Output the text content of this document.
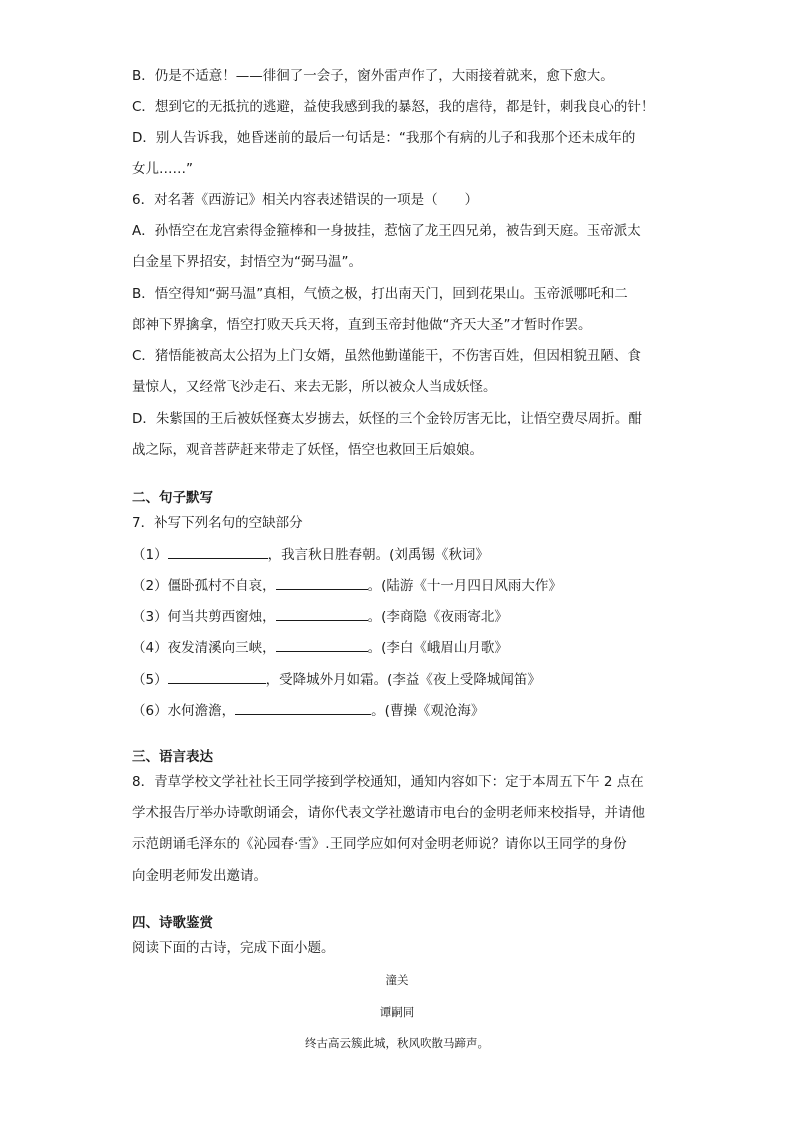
B．仍是不适意！——徘徊了一会子，窗外雷声作了，大雨接着就来，愈下愈大。
C．想到它的无抵抗的逃避，益使我感到我的暴怒，我的虐待，都是针，刺我良心的针！
D．别人告诉我，她昏迷前的最后一句话是：“我那个有病的儿子和我那个还未成年的
女儿……”
6．对名著《西游记》相关内容表述错误的一项是（　　）
A．孙悟空在龙宫索得金箍棒和一身披挂，惹恼了龙王四兄弟，被告到天庭。玉帝派太
白金星下界招安，封悟空为“弼马温”。
B．悟空得知“弼马温”真相，气愤之极，打出南天门，回到花果山。玉帝派哪吒和二
郎神下界擒拿，悟空打败天兵天将，直到玉帝封他做“齐天大圣”才暂时作罢。
C．猪悟能被高太公招为上门女婿，虽然他勤谨能干，不伤害百姓，但因相貌丑陋、食
量惊人，又经常飞沙走石、来去无影，所以被众人当成妖怪。
D．朱紫国的王后被妖怪赛太岁掳去，妖怪的三个金铃厉害无比，让悟空费尽周折。酣
战之际，观音菩萨赶来带走了妖怪，悟空也救回王后娘娘。
二、句子默写
7．补写下列名句的空缺部分
（1）	，我言秋日胜春朝。(刘禹锡《秋词》
（2）僵卧孤村不自哀，	。(陆游《十一月四日风雨大作》
（3）何当共剪西窗烛，	。(李商隐《夜雨寄北》
（4）夜发清溪向三峡，	。(李白《峨眉山月歌》
（5）	，受降城外月如霜。(李益《夜上受降城闻笛》
（6）水何澹澹，	。(曹操《观沧海》
三、语言表达
8．青草学校文学社社长王同学接到学校通知，通知内容如下：定于本周五下午 2 点在
学术报告厅举办诗歌朗诵会，请你代表文学社邀请市电台的金明老师来校指导，并请他
示范朗诵毛泽东的《沁园春·雪》.王同学应如何对金明老师说？请你以王同学的身份
向金明老师发出邀请。
四、诗歌鉴赏
阅读下面的古诗，完成下面小题。
潼关
谭嗣同
终古高云簇此城，秋风吹散马蹄声。
